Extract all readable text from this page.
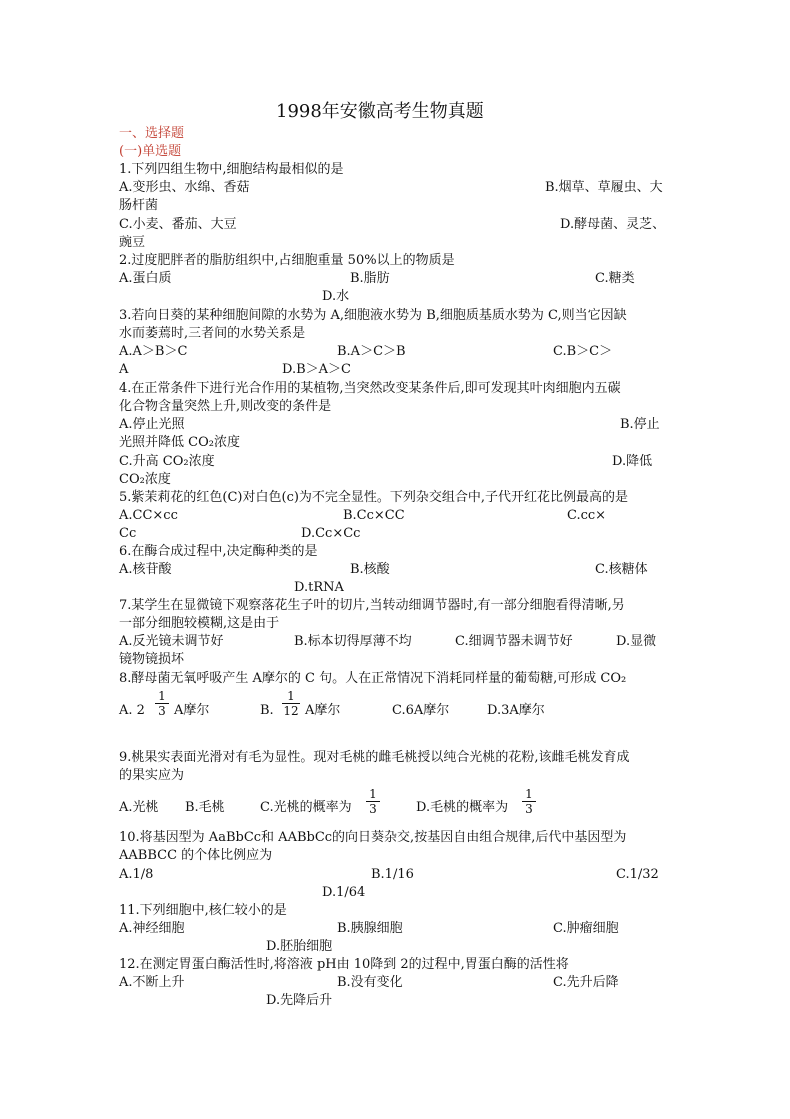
1998年安徽高考生物真题
一、选择题
(一)单选题
1.下列四组生物中,细胞结构最相似的是
A.变形虫、水绵、香菇	B.烟草、草履虫、大
肠杆菌
C.小麦、番茄、大豆	D.酵母菌、灵芝、
豌豆
2.过度肥胖者的脂肪组织中,占细胞重量 50%以上的物质是
A.蛋白质	B.脂肪	C.糖类
D.水
3.若向日葵的某种细胞间隙的水势为 A,细胞液水势为 B,细胞质基质水势为 C,则当它因缺
水而萎蔫时,三者间的水势关系是
A.A＞B＞C	B.A＞C＞B	C.B＞C＞
A	D.B＞A＞C
4.在正常条件下进行光合作用的某植物,当突然改变某条件后,即可发现其叶肉细胞内五碳
化合物含量突然上升,则改变的条件是
A.停止光照	B.停止
光照并降低 CO₂浓度
C.升高 CO₂浓度	D.降低
CO₂浓度
5.紫茉莉花的红色(C)对白色(c)为不完全显性。下列杂交组合中,子代开红花比例最高的是
A.CC×cc	B.Cc×CC	C.cc×
Cc	D.Cc×Cc
6.在酶合成过程中,决定酶种类的是
A.核苷酸	B.核酸	C.核糖体
D.tRNA
7.某学生在显微镜下观察落花生子叶的切片,当转动细调节器时,有一部分细胞看得清晰,另
一部分细胞较模糊,这是由于
A.反光镜未调节好	B.标本切得厚薄不均	C.细调节器未调节好	D.显微
镜物镜损坏
8.酵母菌无氧呼吸产生 A摩尔的 C 句。人在正常情况下消耗同样量的葡萄糖,可形成 CO₂
A. 2
1
3 A摩尔	B.
1
12 A摩尔	C.6A摩尔	D.3A摩尔
9.桃果实表面光滑对有毛为显性。现对毛桃的雌毛桃授以纯合光桃的花粉,该雌毛桃发育成
的果实应为
A.光桃 B.毛桃	C.光桃的概率为
1
3	D.毛桃的概率为
1
3
10.将基因型为 AaBbCc和 AABbCc的向日葵杂交,按基因自由组合规律,后代中基因型为
AABBCC 的个体比例应为
A.1/8	B.1/16	C.1/32
D.1/64
11.下列细胞中,核仁较小的是
A.神经细胞	B.胰腺细胞	C.肿瘤细胞
D.胚胎细胞
12.在测定胃蛋白酶活性时,将溶液 pH由 10降到 2的过程中,胃蛋白酶的活性将
A.不断上升	B.没有变化	C.先升后降
D.先降后升
